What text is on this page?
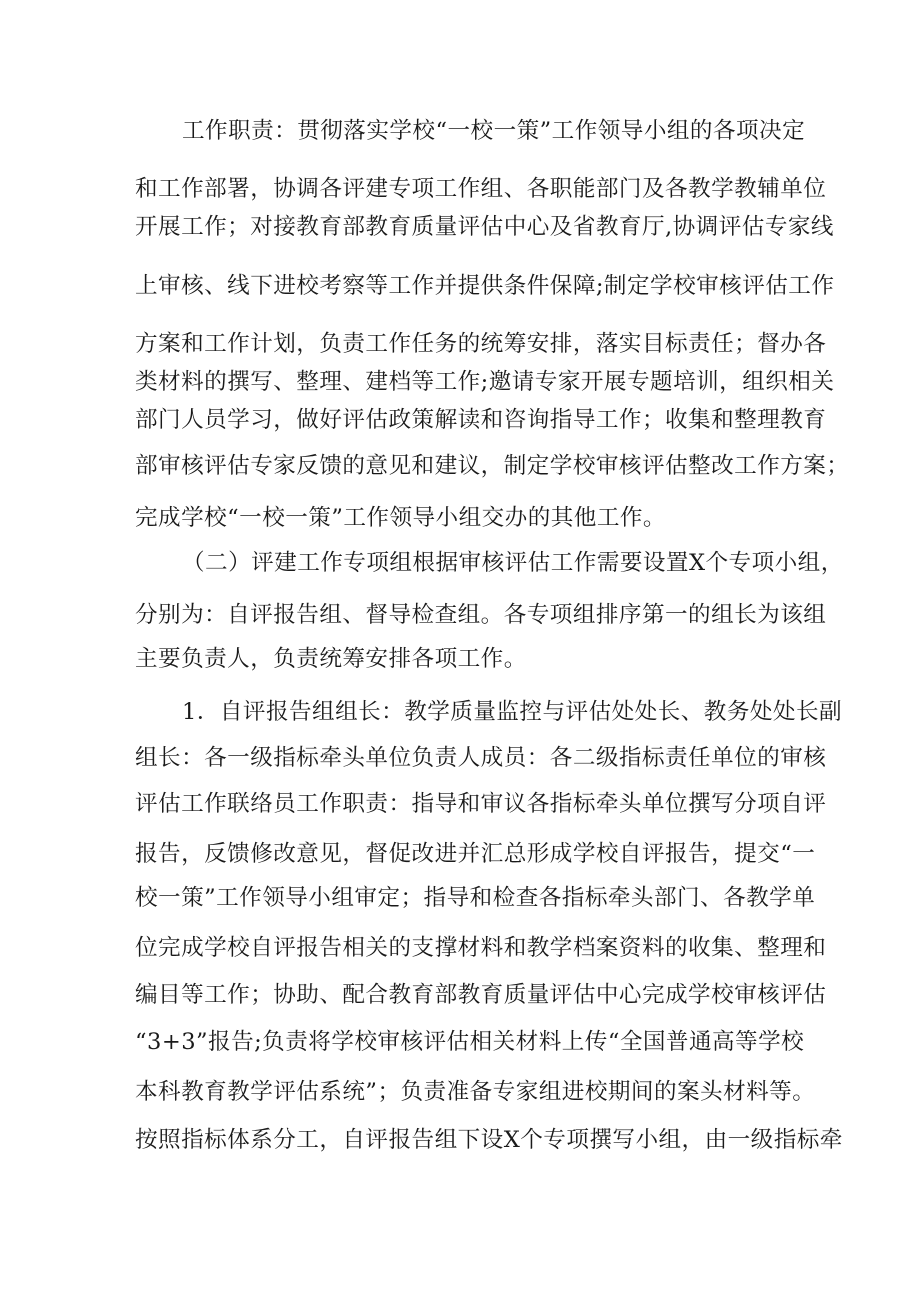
工作职责：贯彻落实学校“一校一策”工作领导小组的各项决定
和工作部署，协调各评建专项工作组、各职能部门及各教学教辅单位
开展工作；对接教育部教育质量评估中心及省教育厅,协调评估专家线
上审核、线下进校考察等工作并提供条件保障;制定学校审核评估工作
方案和工作计划，负责工作任务的统筹安排，落实目标责任；督办各
类材料的撰写、整理、建档等工作;邀请专家开展专题培训，组织相关
部门人员学习，做好评估政策解读和咨询指导工作；收集和整理教育
部审核评估专家反馈的意见和建议，制定学校审核评估整改工作方案；
完成学校“一校一策”工作领导小组交办的其他工作。
（二）评建工作专项组根据审核评估工作需要设置X个专项小组，
分别为：自评报告组、督导检查组。各专项组排序第一的组长为该组
主要负责人，负责统筹安排各项工作。
1．自评报告组组长：教学质量监控与评估处处长、教务处处长副
组长：各一级指标牵头单位负责人成员：各二级指标责任单位的审核
评估工作联络员工作职责：指导和审议各指标牵头单位撰写分项自评
报告，反馈修改意见，督促改进并汇总形成学校自评报告，提交“一
校一策”工作领导小组审定；指导和检查各指标牵头部门、各教学单
位完成学校自评报告相关的支撑材料和教学档案资料的收集、整理和
编目等工作；协助、配合教育部教育质量评估中心完成学校审核评估
“3+3”报告;负责将学校审核评估相关材料上传“全国普通高等学校
本科教育教学评估系统”；负责准备专家组进校期间的案头材料等。
按照指标体系分工，自评报告组下设X个专项撰写小组，由一级指标牵
